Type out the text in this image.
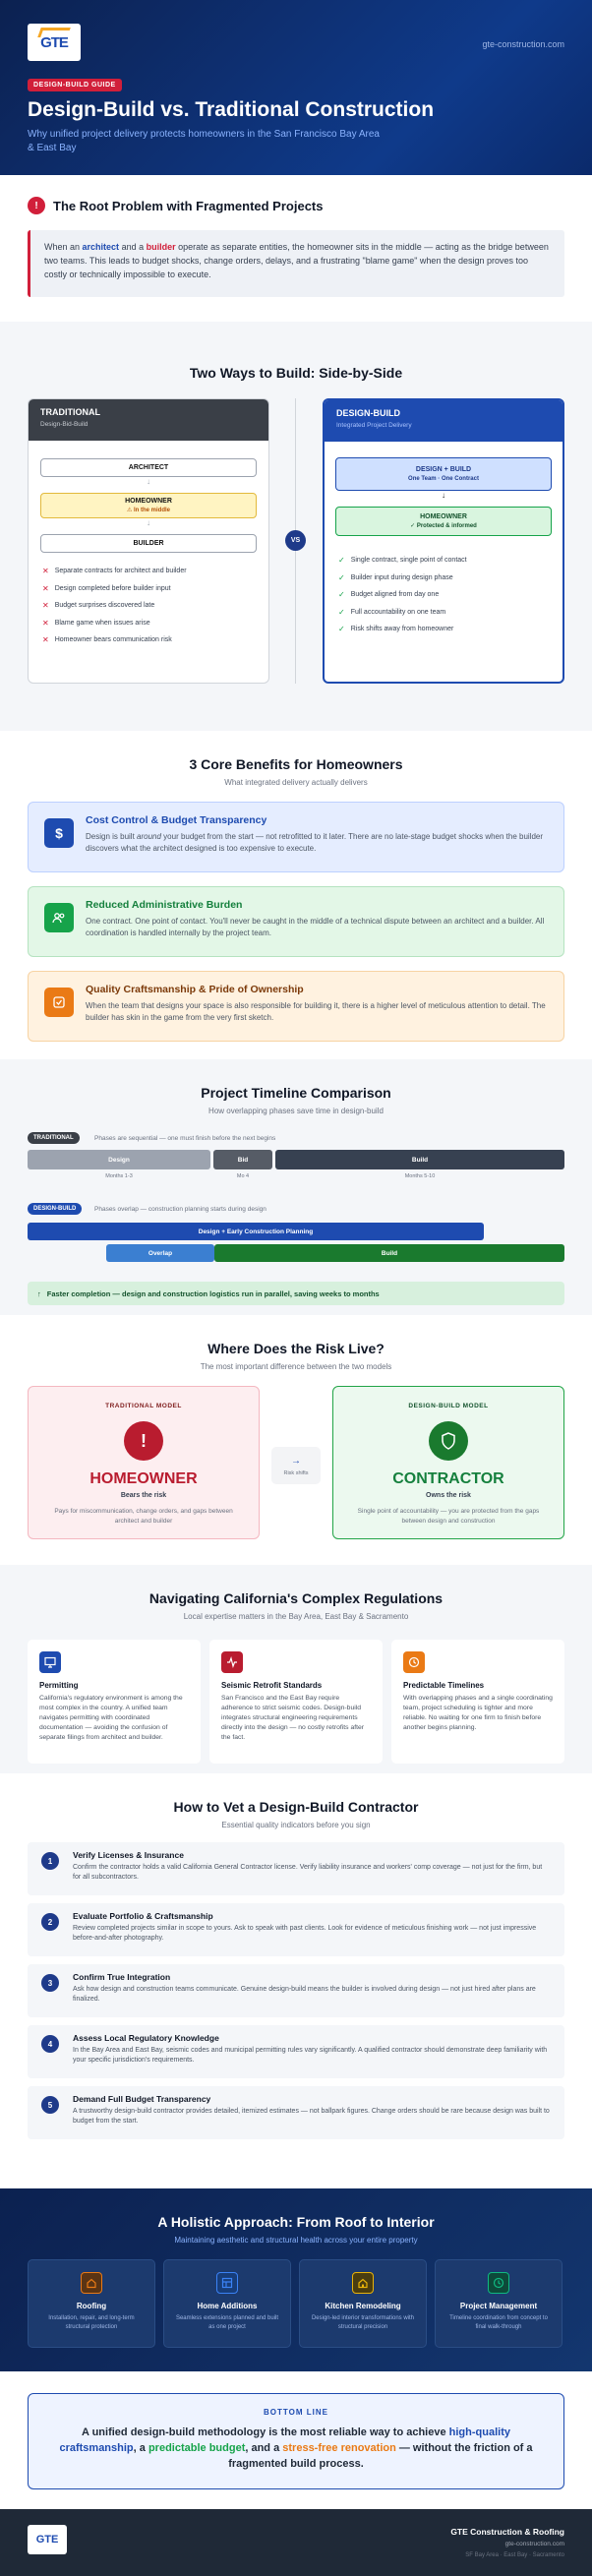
GTE	gte-construction.com
DESIGN-BUILD GUIDE
Design-Build vs. Traditional Construction
Why unified project delivery protects homeowners in the San Francisco Bay Area & East Bay
!	The Root Problem with Fragmented Projects
When an architect and a builder operate as separate entities, the homeowner sits in the middle — acting as the bridge between two teams. This leads to budget shocks, change orders, delays, and a frustrating "blame game" when the design proves too costly or technically impossible to execute.
Two Ways to Build: Side-by-Side
TRADITIONAL
Design-Bid-Build
ARCHITECT
↓
HOMEOWNER
⚠ In the middle
↓
BUILDER
✕ Separate contracts for architect and builder
✕ Design completed before builder input
✕ Budget surprises discovered late
✕ Blame game when issues arise
✕ Homeowner bears communication risk
VS
DESIGN-BUILD
Integrated Project Delivery
DESIGN + BUILD
One Team · One Contract
↓
HOMEOWNER
✓ Protected & informed
✓ Single contract, single point of contact
✓ Builder input during design phase
✓ Budget aligned from day one
✓ Full accountability on one team
✓ Risk shifts away from homeowner
3 Core Benefits for Homeowners
What integrated delivery actually delivers
$
Cost Control & Budget Transparency
Design is built around your budget from the start — not retrofitted to it later. There are no late-stage budget shocks when the builder discovers what the architect designed is too expensive to execute.
Reduced Administrative Burden
One contract. One point of contact. You'll never be caught in the middle of a technical dispute between an architect and a builder. All coordination is handled internally by the project team.
Quality Craftsmanship & Pride of Ownership
When the team that designs your space is also responsible for building it, there is a higher level of meticulous attention to detail. The builder has skin in the game from the very first sketch.
Project Timeline Comparison
How overlapping phases save time in design-build
TRADITIONAL	Phases are sequential — one must finish before the next begins
Design	Bid	Build
Months 1-3	Mo 4	Months 5-10
DESIGN-BUILD	Phases overlap — construction planning starts during design
Design + Early Construction Planning
Overlap	Build
↑ Faster completion — design and construction logistics run in parallel, saving weeks to months
Where Does the Risk Live?
The most important difference between the two models
TRADITIONAL MODEL
!
HOMEOWNER
Bears the risk
Pays for miscommunication, change orders, and gaps between architect and builder
→
Risk shifts
DESIGN-BUILD MODEL
CONTRACTOR
Owns the risk
Single point of accountability — you are protected from the gaps between design and construction
Navigating California's Complex Regulations
Local expertise matters in the Bay Area, East Bay & Sacramento
Permitting
California's regulatory environment is among the most complex in the country. A unified team navigates permitting with coordinated documentation — avoiding the confusion of separate filings from architect and builder.
Seismic Retrofit Standards
San Francisco and the East Bay require adherence to strict seismic codes. Design-build integrates structural engineering requirements directly into the design — no costly retrofits after the fact.
Predictable Timelines
With overlapping phases and a single coordinating team, project scheduling is tighter and more reliable. No waiting for one firm to finish before another begins planning.
How to Vet a Design-Build Contractor
Essential quality indicators before you sign
1
Verify Licenses & Insurance
Confirm the contractor holds a valid California General Contractor license. Verify liability insurance and workers' comp coverage — not just for the firm, but for all subcontractors.
2
Evaluate Portfolio & Craftsmanship
Review completed projects similar in scope to yours. Ask to speak with past clients. Look for evidence of meticulous finishing work — not just impressive before-and-after photography.
3
Confirm True Integration
Ask how design and construction teams communicate. Genuine design-build means the builder is involved during design — not just hired after plans are finalized.
4
Assess Local Regulatory Knowledge
In the Bay Area and East Bay, seismic codes and municipal permitting rules vary significantly. A qualified contractor should demonstrate deep familiarity with your specific jurisdiction's requirements.
5
Demand Full Budget Transparency
A trustworthy design-build contractor provides detailed, itemized estimates — not ballpark figures. Change orders should be rare because design was built to budget from the start.
A Holistic Approach: From Roof to Interior
Maintaining aesthetic and structural health across your entire property
Roofing
Installation, repair, and long-term structural protection
Home Additions
Seamless extensions planned and built as one project
Kitchen Remodeling
Design-led interior transformations with structural precision
Project Management
Timeline coordination from concept to final walk-through
BOTTOM LINE
A unified design-build methodology is the most reliable way to achieve high-quality craftsmanship, a predictable budget, and a stress-free renovation — without the friction of a fragmented build process.
GTE
GTE Construction & Roofing
gte-construction.com
SF Bay Area · East Bay · Sacramento
